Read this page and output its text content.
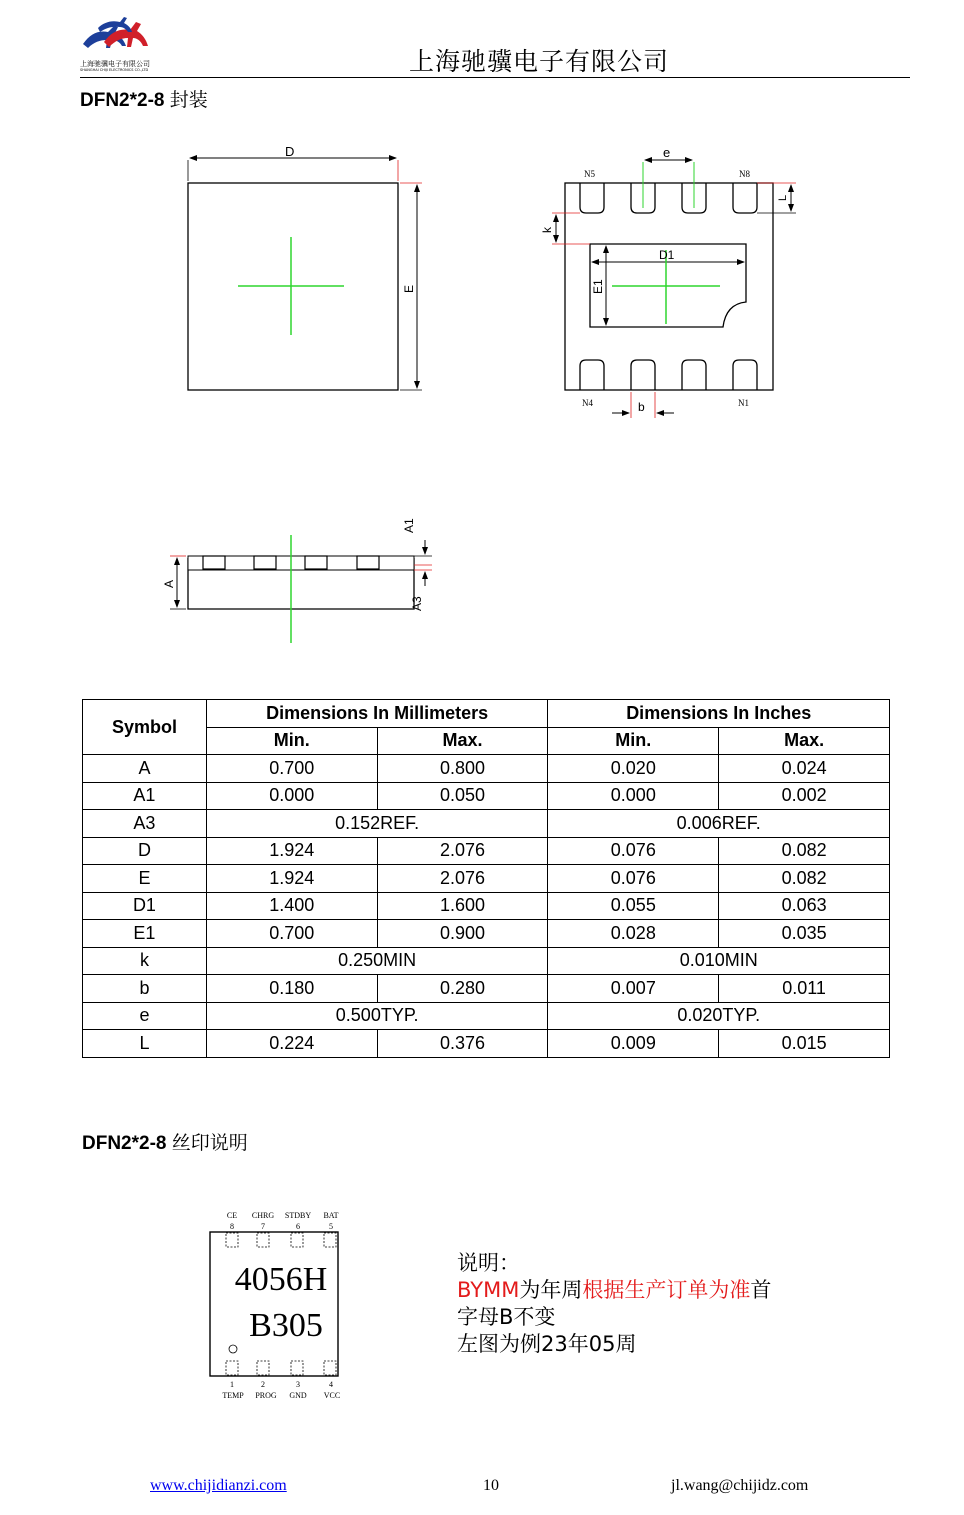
上海驰骥电子有限公司
SHANGHAI CHIJI ELECTRONICS CO.,LTD	上海驰骥电子有限公司
DFN2*2-8 封装
D
E
e
N5	N8
N4	N1
D1
E1
k
L
b
A
A1
A3
Symbol	Dimensions In Millimeters		Dimensions In Inches	
	Min.	Max.	Min.	Max.
A	0.700	0.800	0.020	0.024
A1	0.000	0.050	0.000	0.002
A3	0.152REF.		0.006REF.	
D	1.924	2.076	0.076	0.082
E	1.924	2.076	0.076	0.082
D1	1.400	1.600	0.055	0.063
E1	0.700	0.900	0.028	0.035
k	0.250MIN		0.010MIN	
b	0.180	0.280	0.007	0.011
e	0.500TYP.		0.020TYP.	
L	0.224	0.376	0.009	0.015
DFN2*2-8 丝印说明
CE CHRG STDBY BAT
8	7	6	5
4056H
B305
1	2	3	4
TEMP PROG GND VCC
说明：
BYMM为年周根据生产订单为准首
字母B不变
左图为例23年05周
www.chijidianzi.com	10	jl.wang@chijidz.com
